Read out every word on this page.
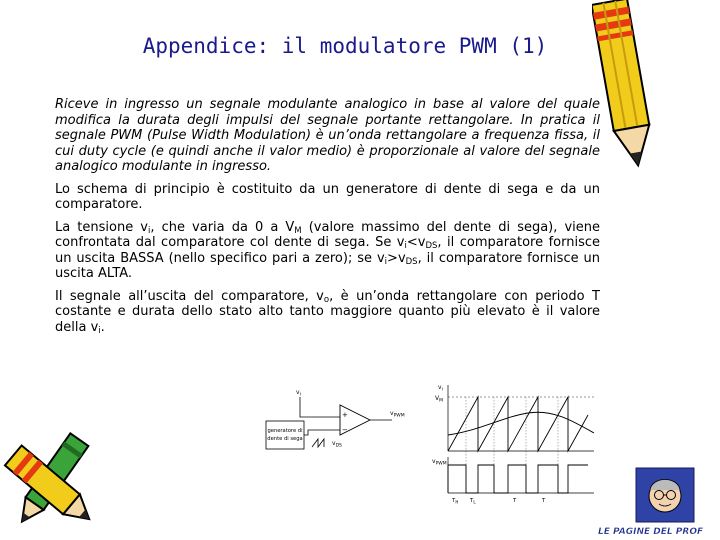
Appendice: il modulatore PWM (1)

Riceve in ingresso un segnale modulante analogico in base al valore del quale modifica la durata degli impulsi del segnale portante rettangolare. In pratica il segnale PWM (Pulse Width Modulation) è un’onda rettangolare a frequenza fissa, il cui duty cycle (e quindi anche il valor medio) è proporzionale al valore del segnale analogico modulante in ingresso.

Lo schema di principio è costituito da un generatore di dente di sega e da un comparatore.

La tensione $v_i$, che varia da 0 a $V_M$ (valore massimo del dente di sega), viene confrontata dal comparatore col dente di sega. Se $v_i<v_{DS}$, il comparatore fornisce un uscita BASSA (nello specifico pari a zero); se $v_i>v_{DS}$, il comparatore fornisce un uscita ALTA.

Il segnale all’uscita del comparatore, $v_o$, è un’onda rettangolare con periodo T costante e durata dello stato alto tanto maggiore quanto più elevato è il valore della $v_i$.

$v_i$
+
−
$v_{PWM}$
generatore di
dente di sega
$v_{DS}$
$v_i$
$V_M$
$v_{PWM}$
$T_H$ $T_L$	T	T
LE PAGINE DEL PROF
